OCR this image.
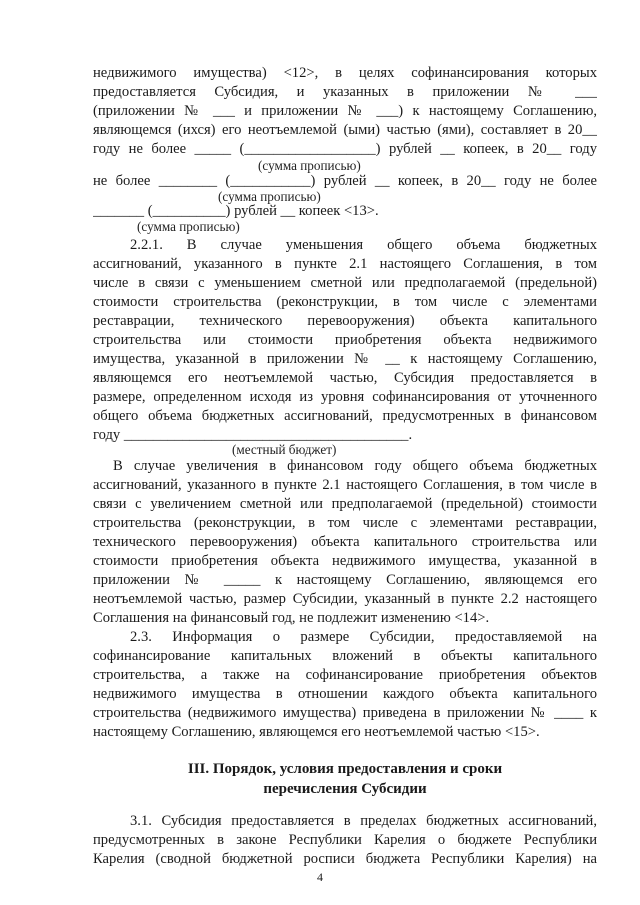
недвижимого имущества) <12>, в целях софинансирования которых
предоставляется Субсидия, и указанных в приложении № ___
(приложении № ___ и приложении № ___) к настоящему Соглашению,
являющемся (ихся) его неотъемлемой (ыми) частью (ями), составляет в 20__
году не более _____ (__________________) рублей __ копеек, в 20__ году
(сумма прописью)
не более ________ (___________) рублей __ копеек, в 20__ году не более
(сумма прописью)
_______ (__________) рублей __ копеек <13>.
(сумма прописью)
2.2.1. В случае уменьшения общего объема бюджетных
ассигнований, указанного в пункте 2.1 настоящего Соглашения, в том
числе в связи с уменьшением сметной или предполагаемой (предельной)
стоимости строительства (реконструкции, в том числе с элементами
реставрации, технического перевооружения) объекта капитального
строительства или стоимости приобретения объекта недвижимого
имущества, указанной в приложении № __ к настоящему Соглашению,
являющемся его неотъемлемой частью, Субсидия предоставляется в
размере, определенном исходя из уровня софинансирования от уточненного
общего объема бюджетных ассигнований, предусмотренных в финансовом
году _______________________________________.
(местный бюджет)
В случае увеличения в финансовом году общего объема бюджетных
ассигнований, указанного в пункте 2.1 настоящего Соглашения, в том числе в
связи с увеличением сметной или предполагаемой (предельной) стоимости
строительства (реконструкции, в том числе с элементами реставрации,
технического перевооружения) объекта капитального строительства или
стоимости приобретения объекта недвижимого имущества, указанной в
приложении № _____ к настоящему Соглашению, являющемся его
неотъемлемой частью, размер Субсидии, указанный в пункте 2.2 настоящего
Соглашения на финансовый год, не подлежит изменению <14>.
2.3. Информация о размере Субсидии, предоставляемой на
софинансирование капитальных вложений в объекты капитального
строительства, а также на софинансирование приобретения объектов
недвижимого имущества в отношении каждого объекта капитального
строительства (недвижимого имущества) приведена в приложении № ____ к
настоящему Соглашению, являющемся его неотъемлемой частью <15>.
III. Порядок, условия предоставления и сроки
перечисления Субсидии
3.1. Субсидия предоставляется в пределах бюджетных ассигнований,
предусмотренных в законе Республики Карелия о бюджете Республики
Карелия (сводной бюджетной росписи бюджета Республики Карелия) на
4
